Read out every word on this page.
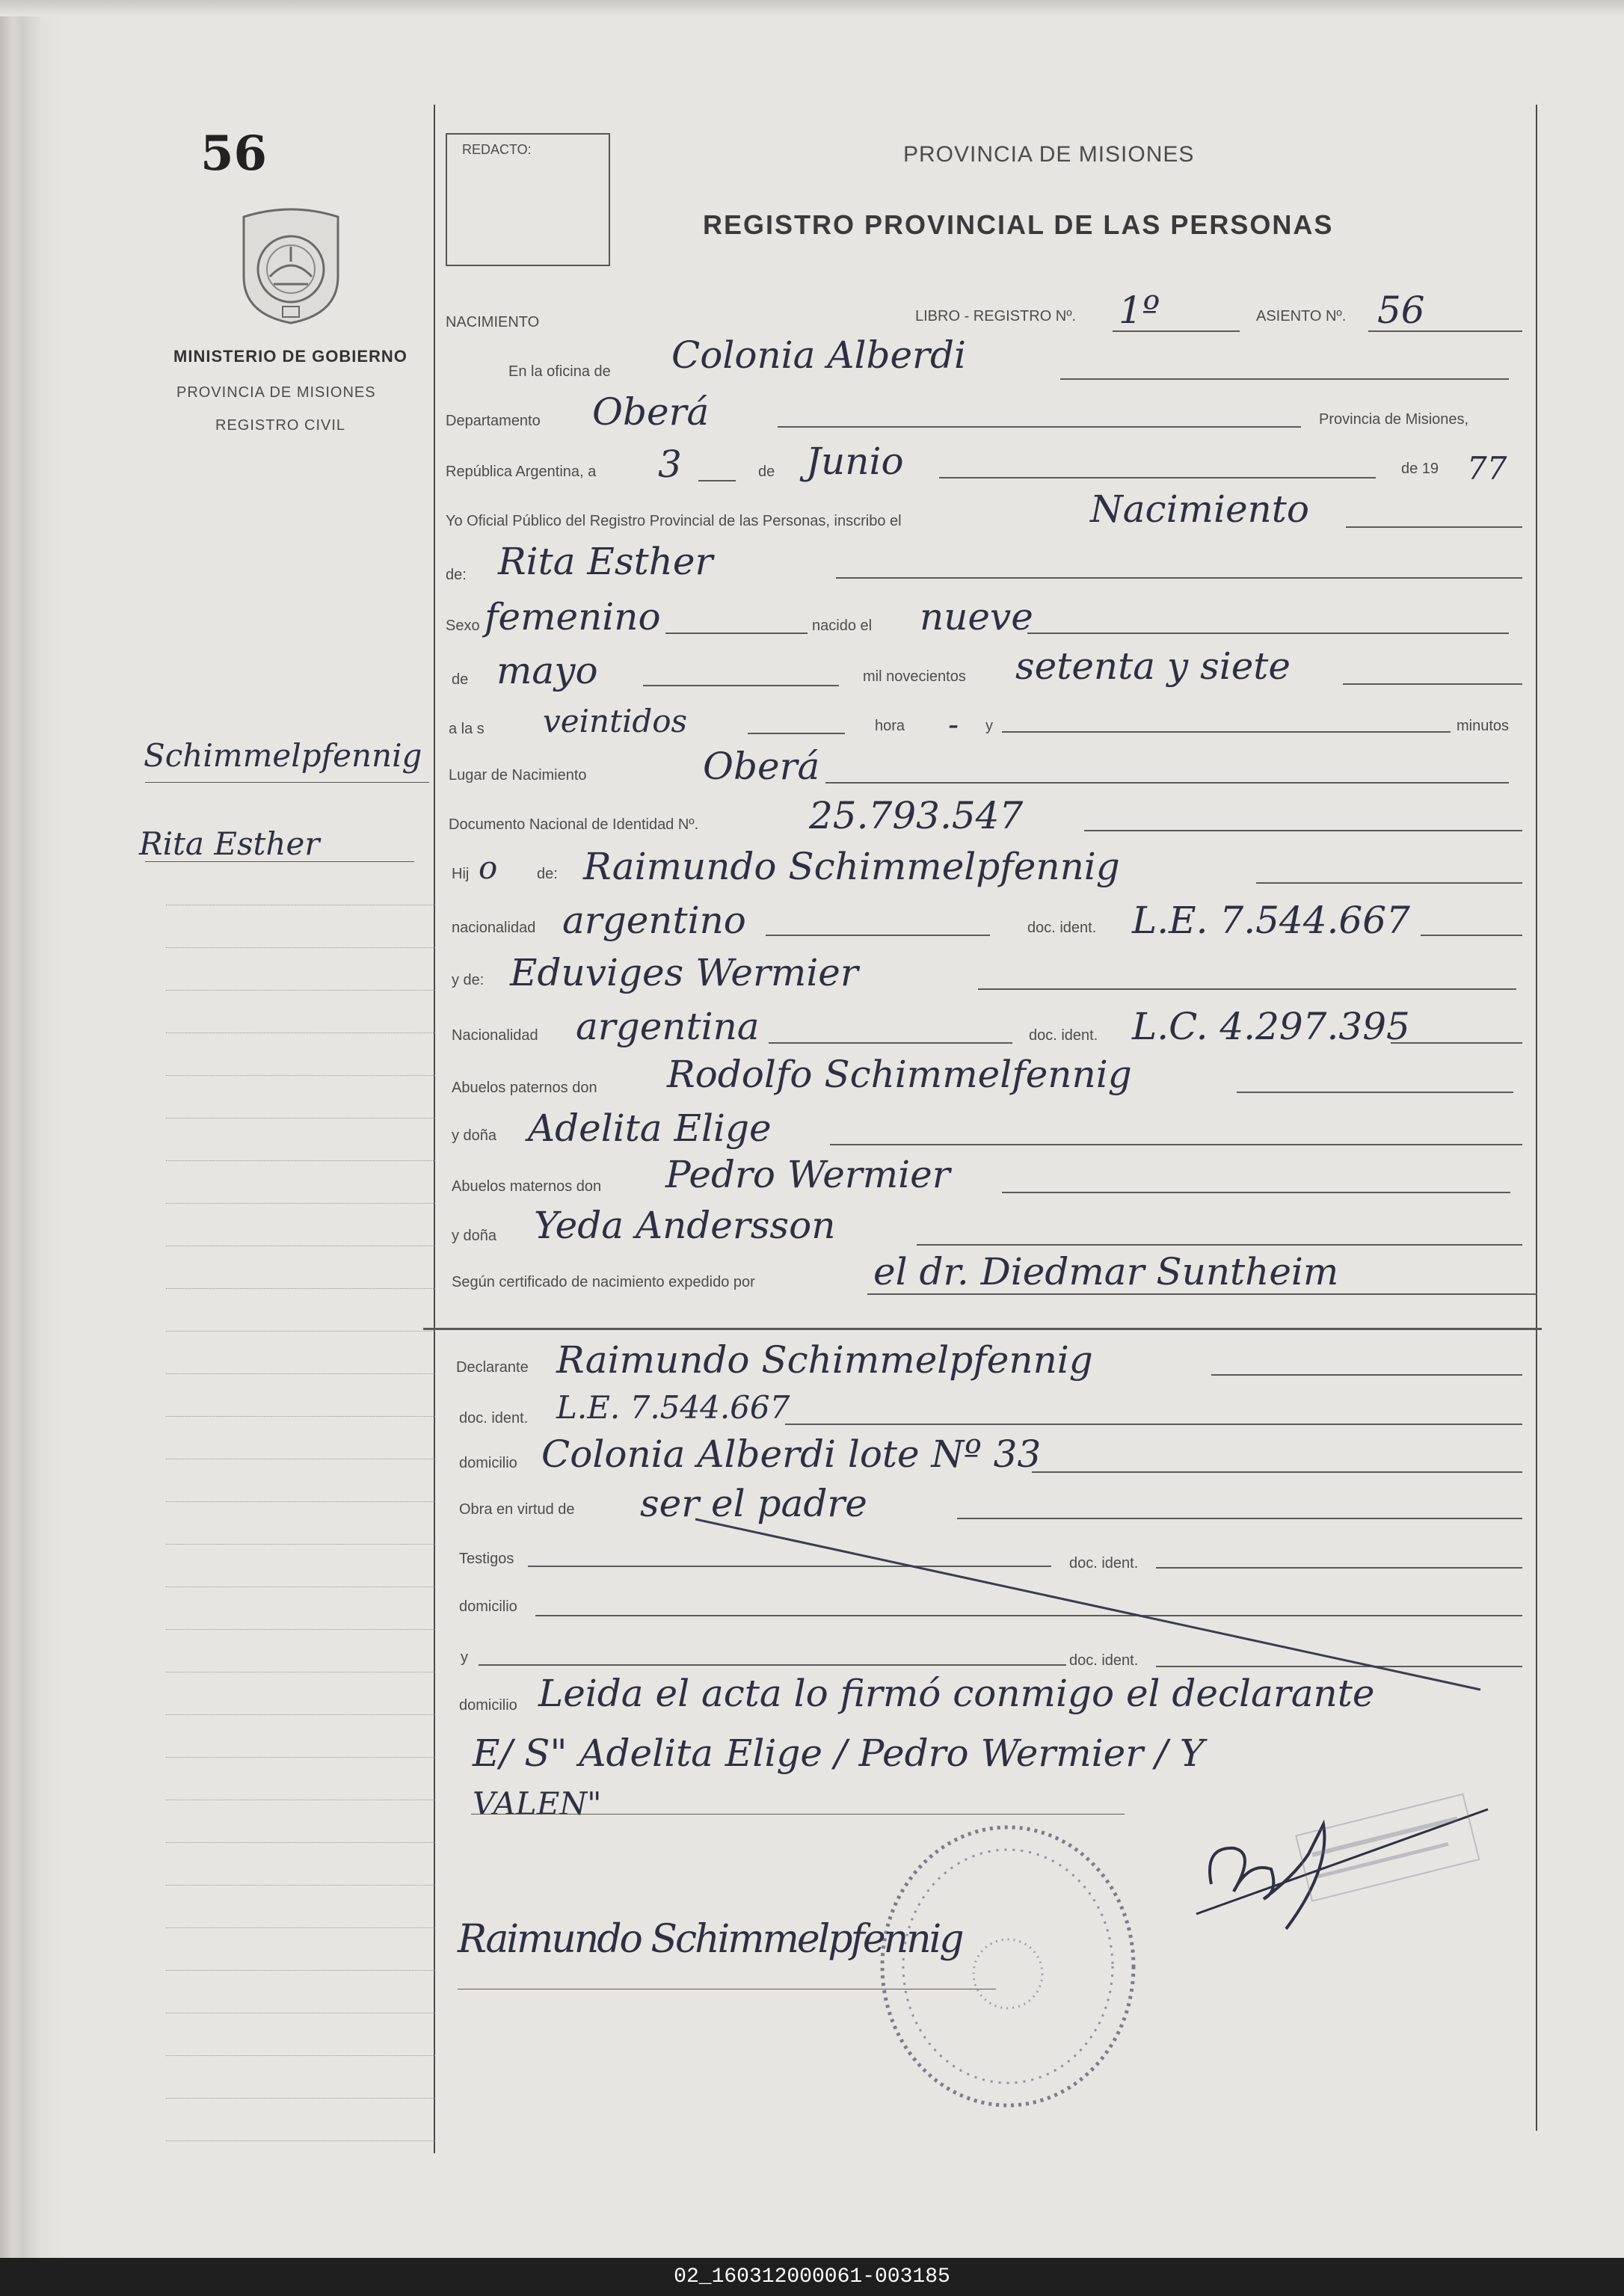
56
MINISTERIO DE GOBIERNO
PROVINCIA DE MISIONES
REGISTRO CIVIL
Schimmelpfennig
Rita Esther
REDACTO:	PROVINCIA DE MISIONES
REGISTRO PROVINCIAL DE LAS PERSONAS
NACIMIENTO	LIBRO - REGISTRO Nº. 1º	ASIENTO Nº. 56
En la oficina de Colonia Alberdi
Departamento Oberá	Provincia de Misiones,
República Argentina, a 3	de Junio	de 19 77
Yo Oficial Público del Registro Provincial de las Personas, inscribo el	Nacimiento
de: Rita Esther
Sexo femenino	nacido el nueve
de mayo	mil novecientos setenta y siete
a la s veintidos	hora - y	minutos
Lugar de Nacimiento	Oberá
Documento Nacional de Identidad Nº.	25.793.547
Hij o	de: Raimundo Schimmelpfennig
nacionalidad argentino	doc. ident. L.E. 7.544.667
y de: Eduviges Wermier
Nacionalidad argentina	doc. ident. L.C. 4.297.395
Abuelos paternos don Rodolfo Schimmelfennig
y doña Adelita Elige
Abuelos maternos don Pedro Wermier
y doña Yeda Andersson
Según certificado de nacimiento expedido por	el dr. Diedmar Suntheim
Declarante Raimundo Schimmelpfennig
doc. ident. L.E. 7.544.667
domicilio Colonia Alberdi lote Nº 33
Obra en virtud de ser el padre
Testigos	doc. ident.
domicilio
y	doc. ident.
domicilio Leida el acta lo firmó conmigo el declarante
E/ S" Adelita Elige / Pedro Wermier / Y
VALEN"
Raimundo Schimmelpfennig
02_160312000061-003185
